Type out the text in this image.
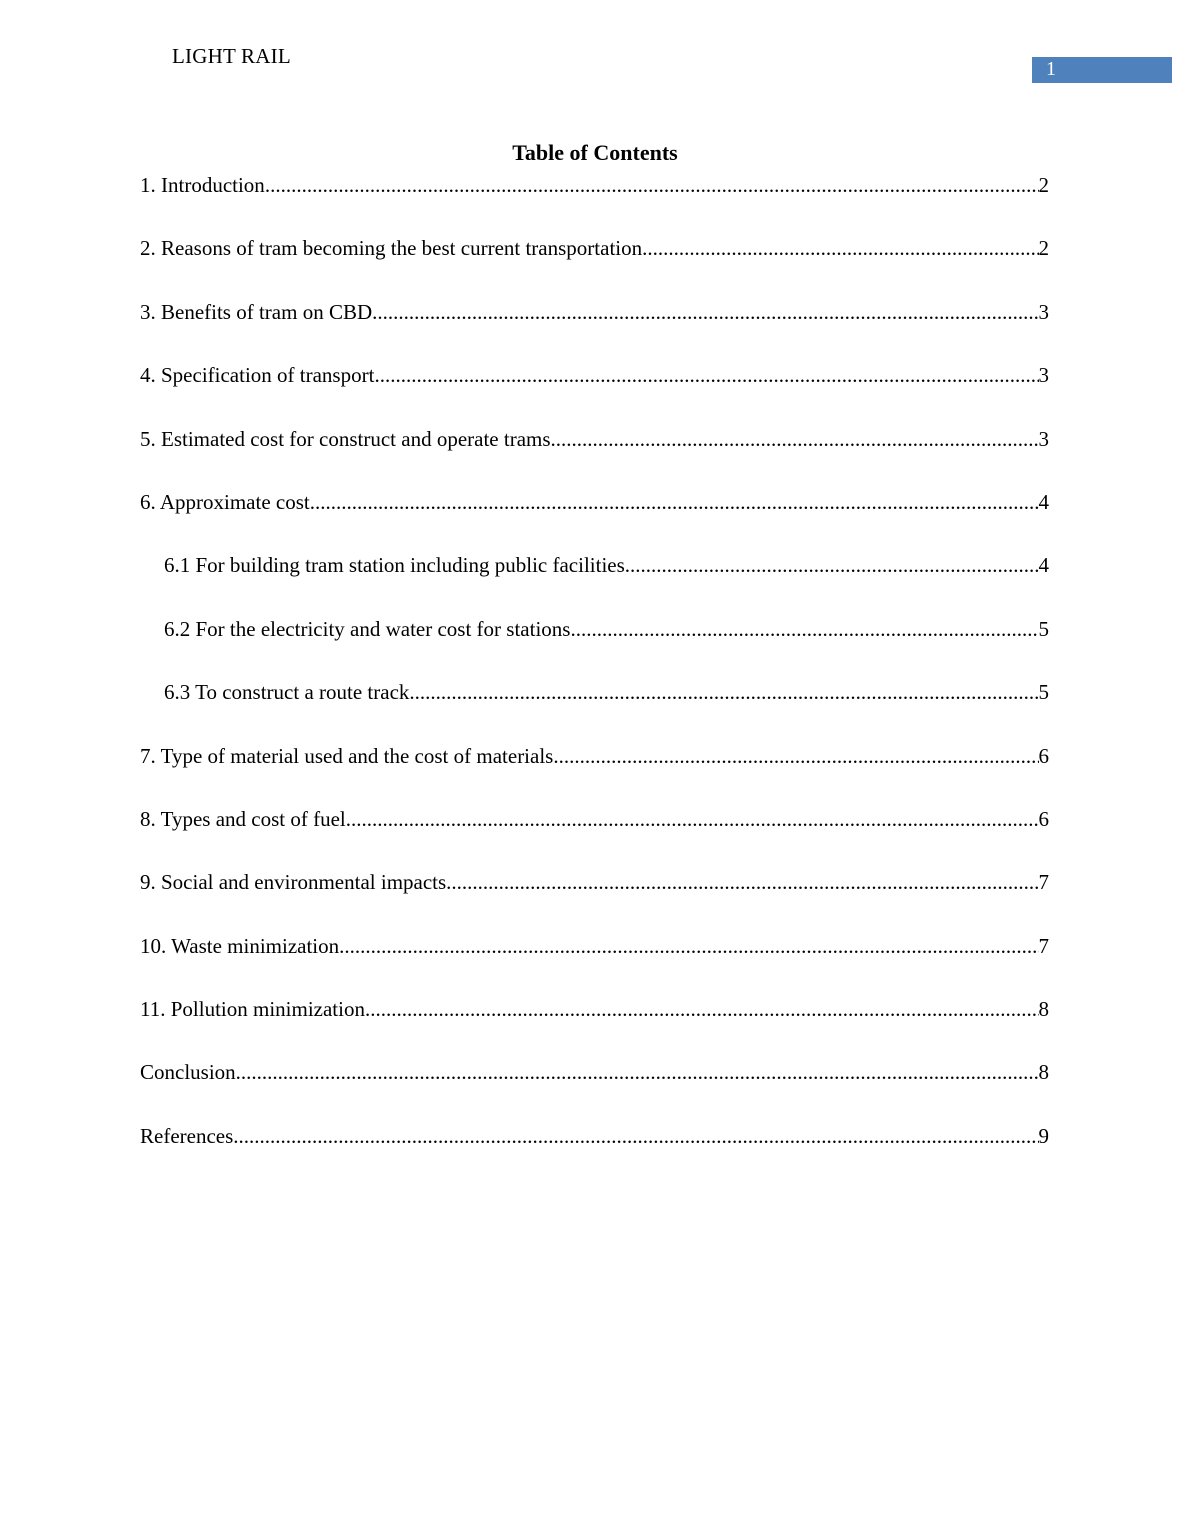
LIGHT RAIL
1
Table of Contents
1. Introduction .....	2
2. Reasons of tram becoming the best current transportation .....	2
3. Benefits of tram on CBD .....	3
4. Specification of transport .....	3
5. Estimated cost for construct and operate trams .....	3
6. Approximate cost .....	4
6.1 For building tram station including public facilities .....	4
6.2 For the electricity and water cost for stations .....	5
6.3 To construct a route track .....	5
7. Type of material used and the cost of materials .....	6
8. Types and cost of fuel .....	6
9. Social and environmental impacts .....	7
10. Waste minimization .....	7
11. Pollution minimization .....	8
Conclusion .....	8
References .....	9
